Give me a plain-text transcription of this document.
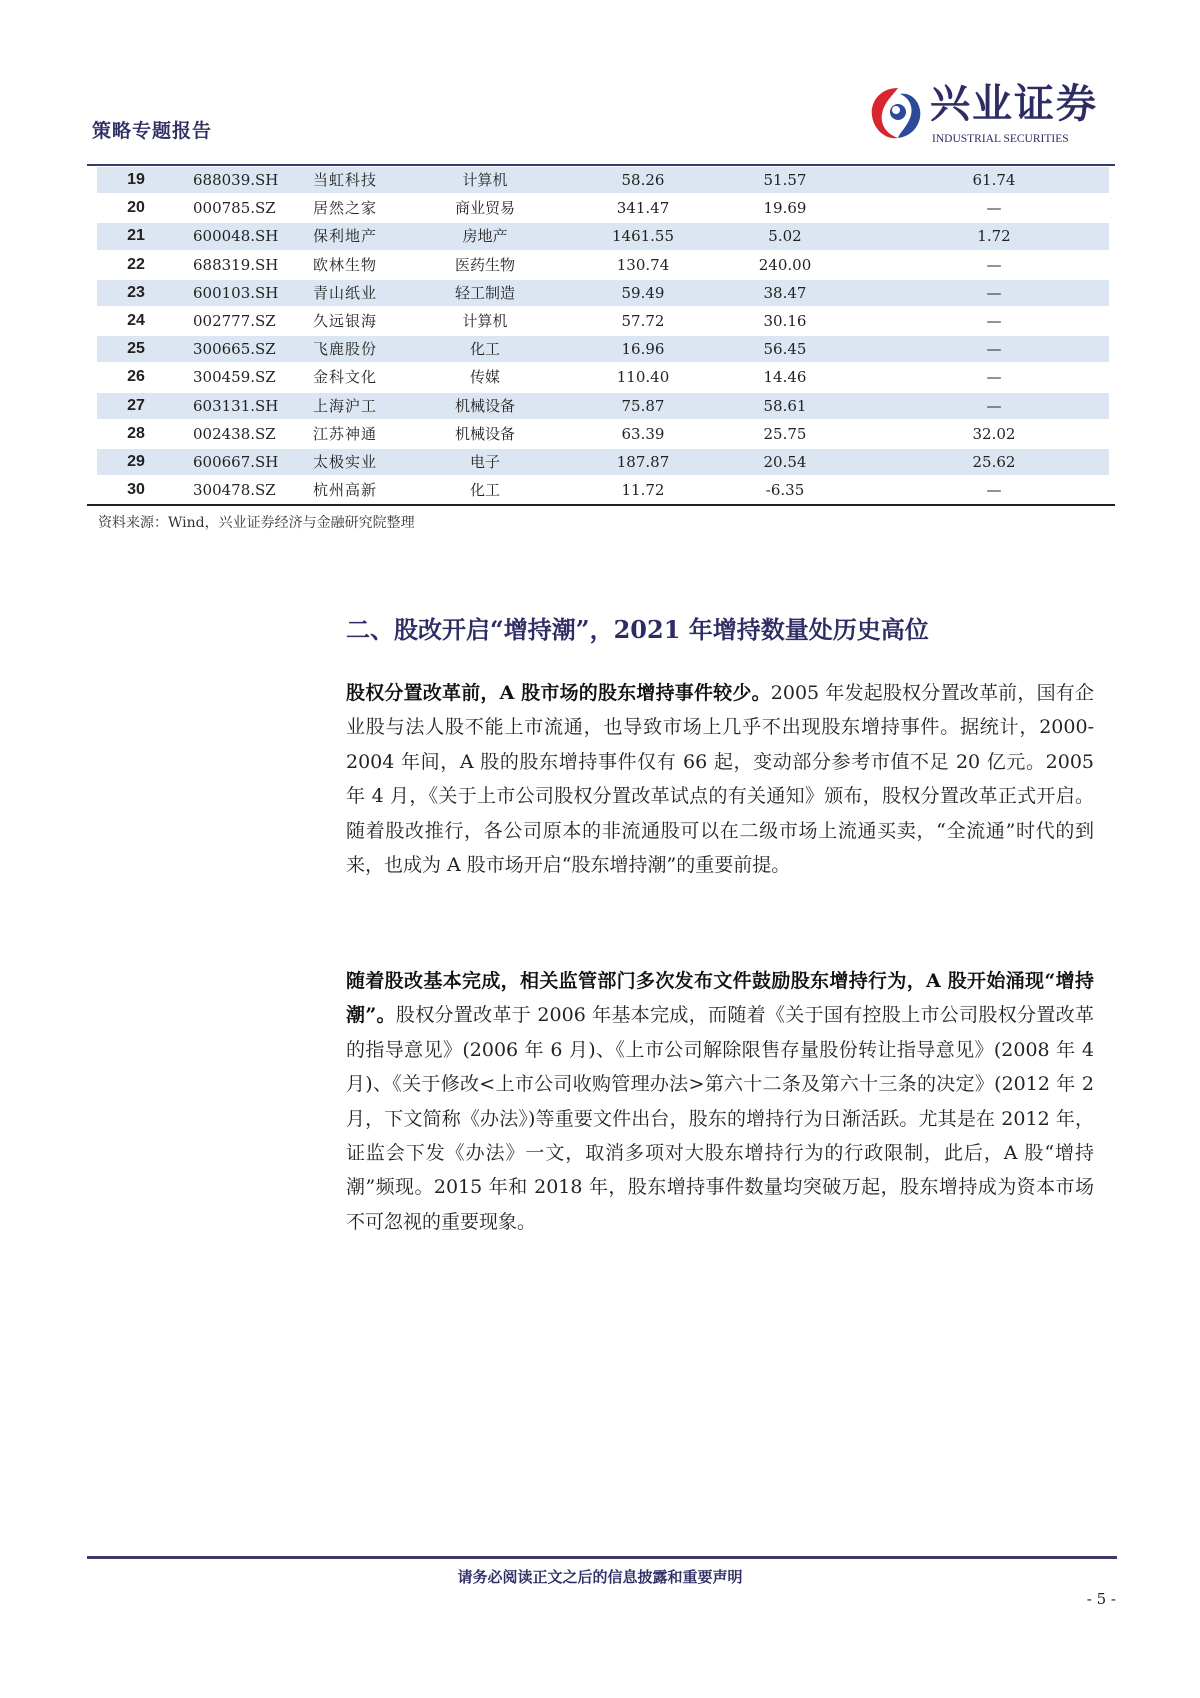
策略专题报告
兴业证券
INDUSTRIAL SECURITIES
19	688039.SH 当虹科技	计算机	58.26	51.57	61.74
20	000785.SZ 居然之家	商业贸易	341.47	19.69	—
21	600048.SH 保利地产	房地产	1461.55	5.02	1.72
22	688319.SH 欧林生物	医药生物	130.74	240.00	—
23	600103.SH 青山纸业	轻工制造	59.49	38.47	—
24	002777.SZ 久远银海	计算机	57.72	30.16	—
25	300665.SZ 飞鹿股份	化工	16.96	56.45	—
26	300459.SZ 金科文化	传媒	110.40	14.46	—
27	603131.SH 上海沪工	机械设备	75.87	58.61	—
28	002438.SZ 江苏神通	机械设备	63.39	25.75	32.02
29	600667.SH 太极实业	电子	187.87	20.54	25.62
30	300478.SZ 杭州高新	化工	11.72	-6.35	—
资料来源：Wind，兴业证券经济与金融研究院整理
二、股改开启“增持潮”，2021 年增持数量处历史高位
股权分置改革前，A 股市场的股东增持事件较少。2005 年发起股权分置改革前，国有企业股与法人股不能上市流通，也导致市场上几乎不出现股东增持事件。据统计，2000-2004 年间，A 股的股东增持事件仅有 66 起，变动部分参考市值不足 20 亿元。2005 年 4 月，《关于上市公司股权分置改革试点的有关通知》颁布，股权分置改革正式开启。随着股改推行，各公司原本的非流通股可以在二级市场上流通买卖，“全流通”时代的到来，也成为 A 股市场开启“股东增持潮”的重要前提。
随着股改基本完成，相关监管部门多次发布文件鼓励股东增持行为，A 股开始涌现“增持潮”。股权分置改革于 2006 年基本完成，而随着《关于国有控股上市公司股权分置改革的指导意见》(2006 年 6 月)、《上市公司解除限售存量股份转让指导意见》(2008 年 4 月)、《关于修改<上市公司收购管理办法>第六十二条及第六十三条的决定》(2012 年 2 月，下文简称《办法》)等重要文件出台，股东的增持行为日渐活跃。尤其是在 2012 年，证监会下发《办法》一文，取消多项对大股东增持行为的行政限制，此后，A 股“增持潮”频现。2015 年和 2018 年，股东增持事件数量均突破万起，股东增持成为资本市场不可忽视的重要现象。
请务必阅读正文之后的信息披露和重要声明
- 5 -
